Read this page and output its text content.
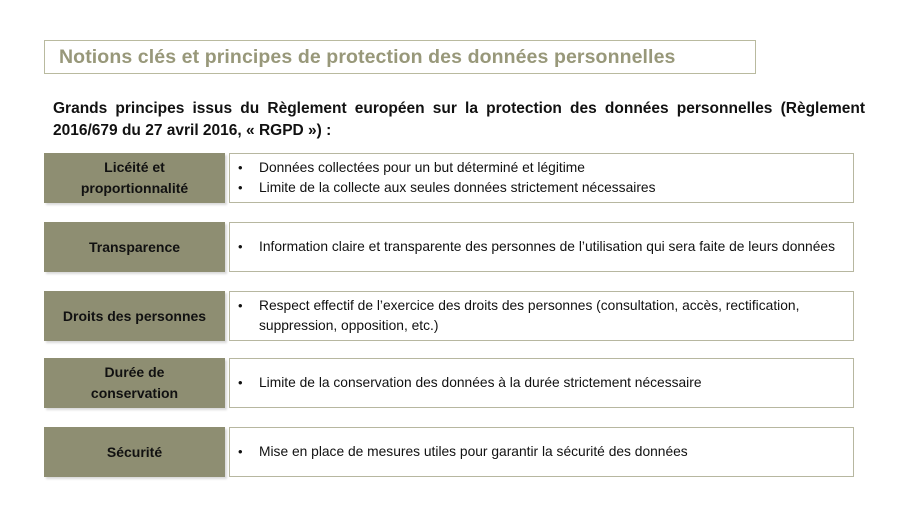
Notions clés et principes de protection des données personnelles
Grands principes issus du Règlement européen sur la protection des données personnelles (Règlement 2016/679 du 27 avril 2016, « RGPD ») :
Licéité et proportionnalité
• Données collectées pour un but déterminé et légitime
• Limite de la collecte aux seules données strictement nécessaires
Transparence	• Information claire et transparente des personnes de l’utilisation qui sera faite de leurs données
Droits des personnes
• Respect effectif de l’exercice des droits des personnes (consultation, accès, rectification, suppression, opposition, etc.)
Durée de conservation
• Limite de la conservation des données à la durée strictement nécessaire
Sécurité	• Mise en place de mesures utiles pour garantir la sécurité des données
